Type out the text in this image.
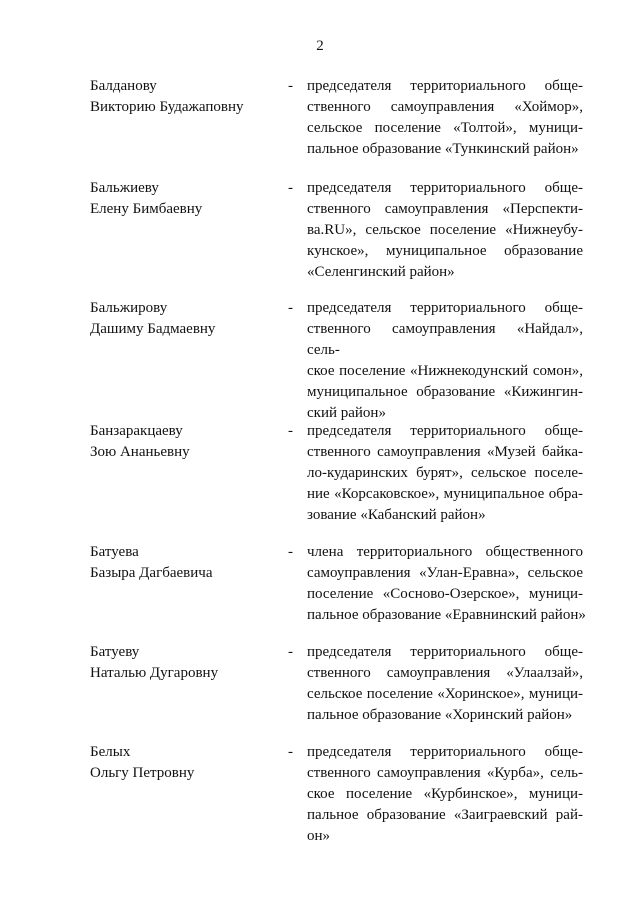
2
Балданову
Викторию Будажаповну
- председателя территориального обще-
ственного самоуправления «Хоймор»,
сельское поселение «Толтой», муници-
пальное образование «Тункинский район»
Бальжиеву
Елену Бимбаевну
- председателя территориального обще-
ственного самоуправления «Перспекти-
ва.RU», сельское поселение «Нижнеубу-
кунское», муниципальное образование
«Селенгинский район»
Бальжирову
Дашиму Бадмаевну
- председателя территориального обще-
ственного самоуправления «Найдал», сель-
ское поселение «Нижнекодунский сомон»,
муниципальное образование «Кижингин-
ский район»
Банзаракцаеву
Зою Ананьевну
- председателя территориального обще-
ственного самоуправления «Музей байка-
ло-кударинских бурят», сельское поселе-
ние «Корсаковское», муниципальное обра-
зование «Кабанский район»
Батуева
Базыра Дагбаевича
- члена территориального общественного
самоуправления «Улан-Еравна», сельское
поселение «Сосново-Озерское», муници-
пальное образование «Еравнинский район»
Батуеву
Наталью Дугаровну
- председателя территориального обще-
ственного самоуправления «Улаалзай»,
сельское поселение «Хоринское», муници-
пальное образование «Хоринский район»
Белых
Ольгу Петровну
- председателя территориального обще-
ственного самоуправления «Курба», сель-
ское поселение «Курбинское», муници-
пальное образование «Заиграевский рай-
он»
